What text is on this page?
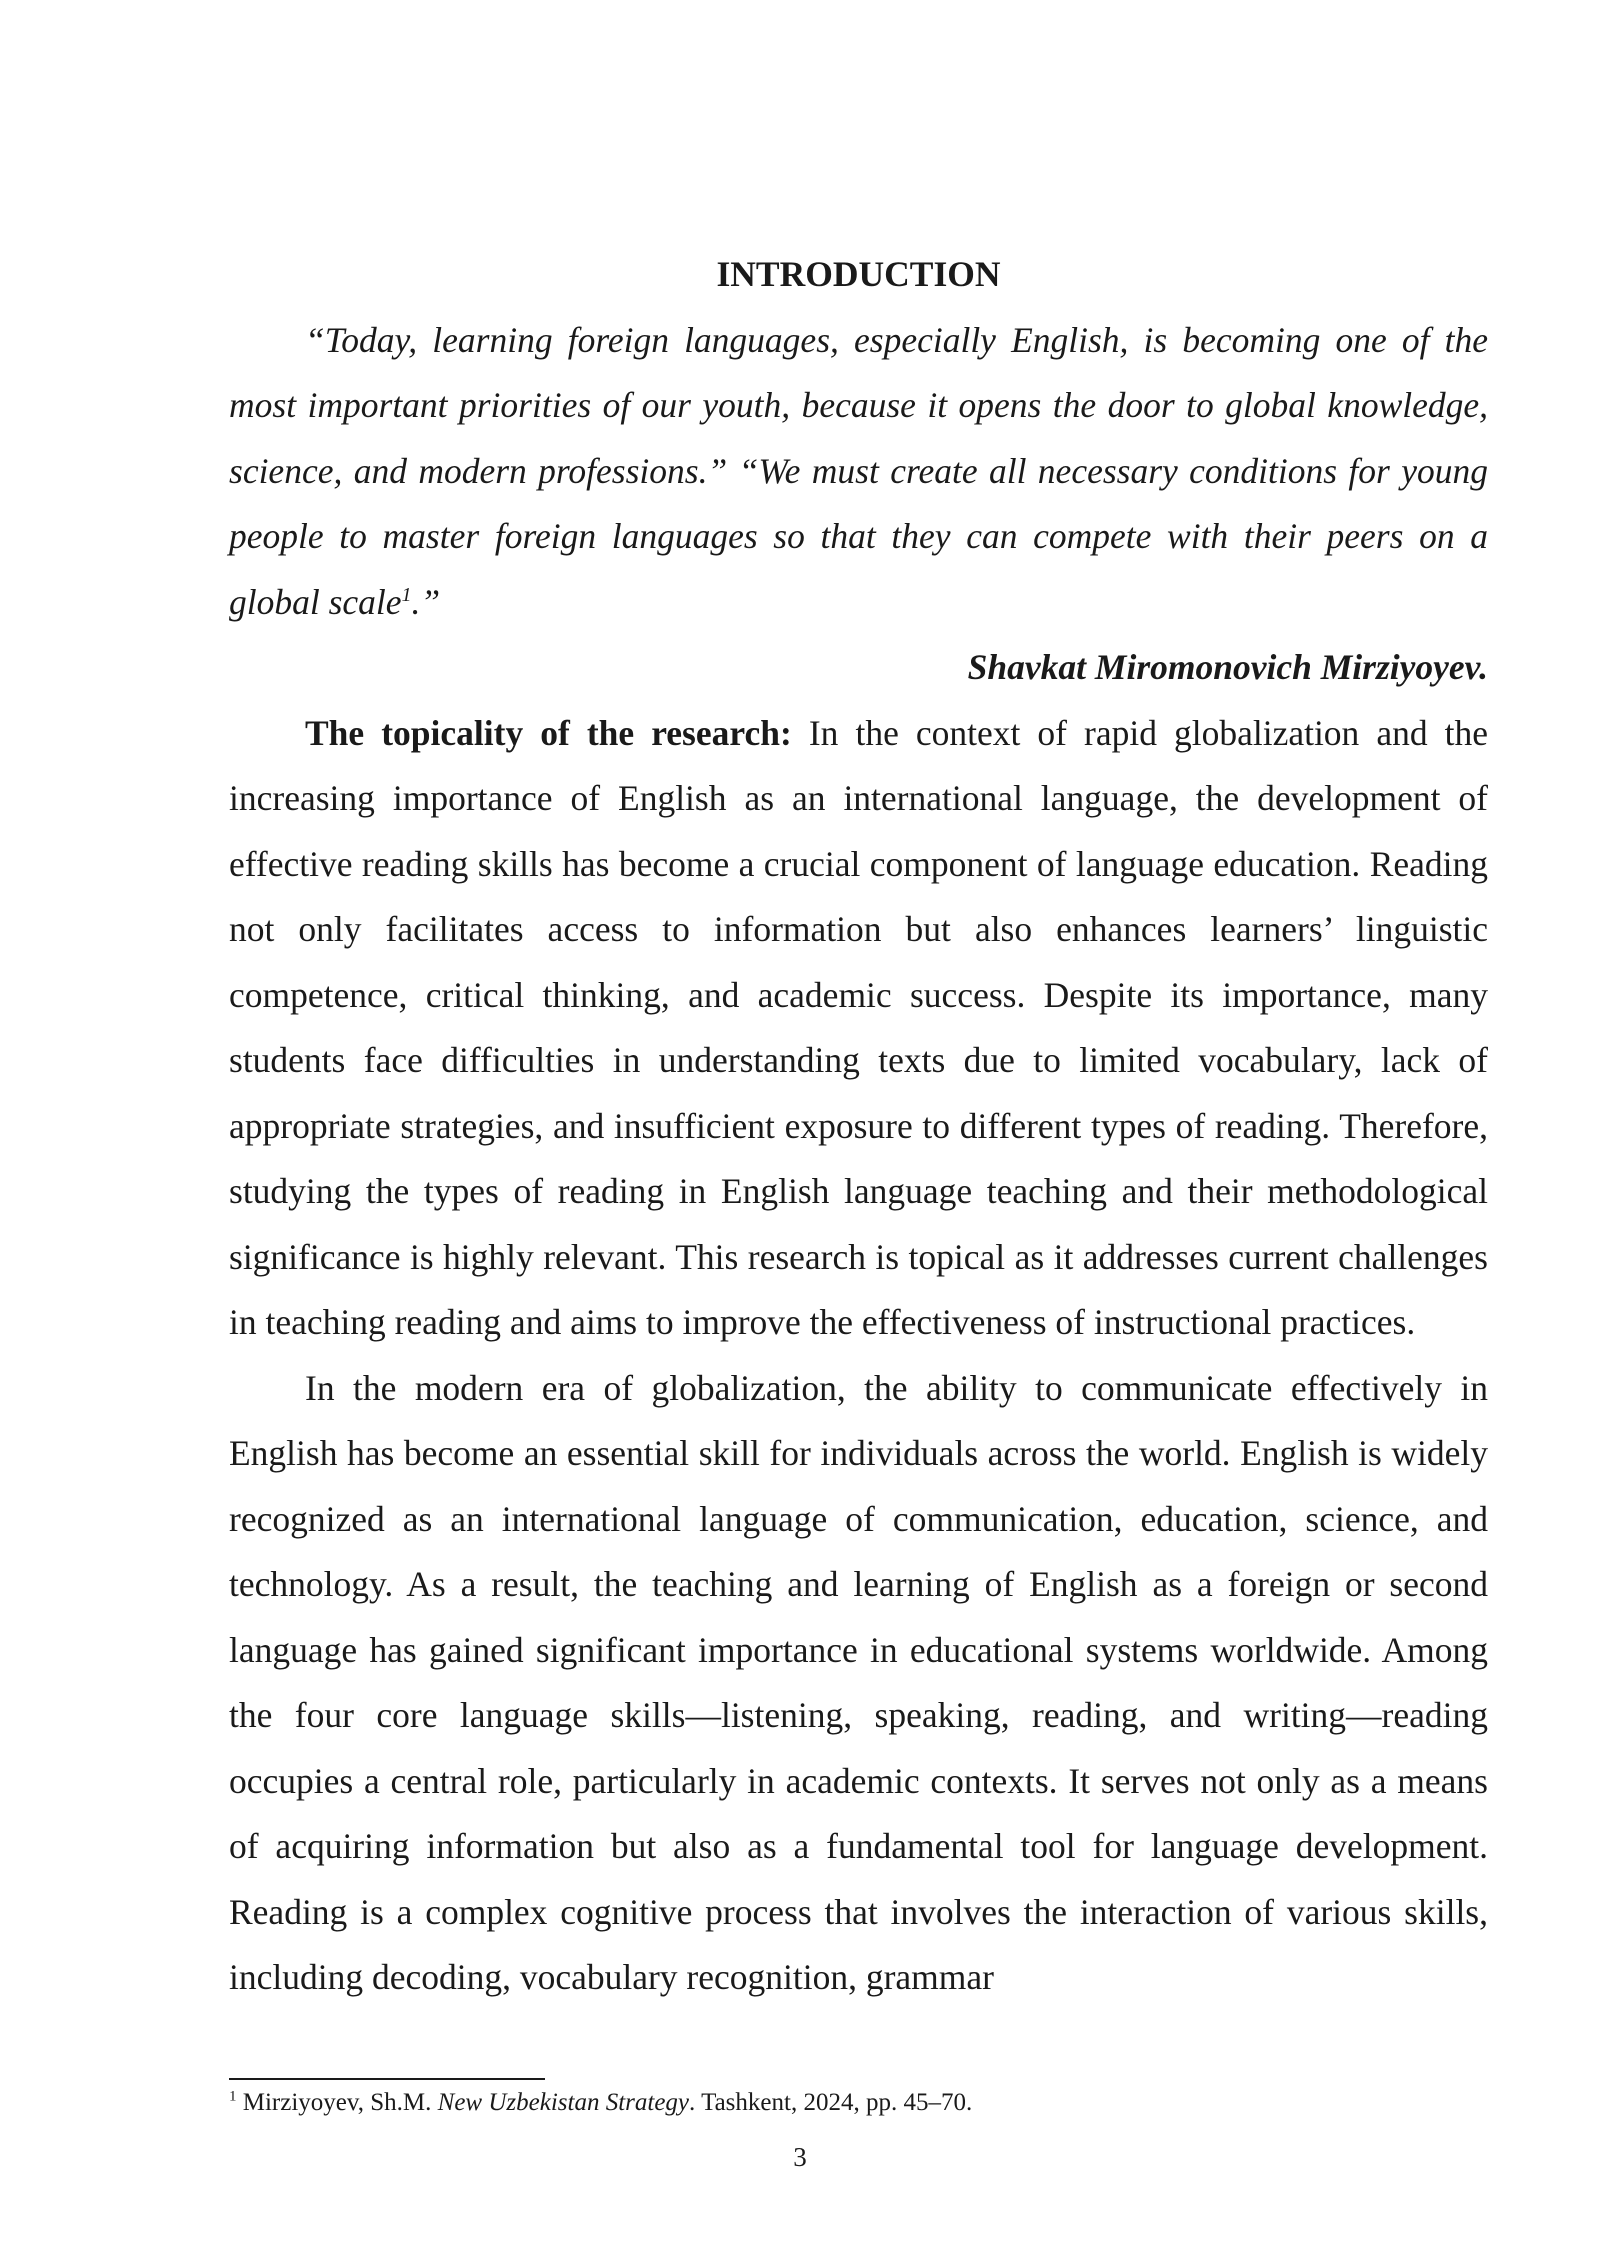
INTRODUCTION

“Today, learning foreign languages, especially English, is becoming one of the most important priorities of our youth, because it opens the door to global knowledge, science, and modern professions.” “We must create all necessary conditions for young people to master foreign languages so that they can compete with their peers on a global scale$^1$.”

Shavkat Miromonovich Mirziyoyev.

The topicality of the research: In the context of rapid globalization and the increasing importance of English as an international language, the development of effective reading skills has become a crucial component of language education. Reading not only facilitates access to information but also enhances learners’ linguistic competence, critical thinking, and academic success. Despite its importance, many students face difficulties in understanding texts due to limited vocabulary, lack of appropriate strategies, and insufficient exposure to different types of reading. Therefore, studying the types of reading in English language teaching and their methodological significance is highly relevant. This research is topical as it addresses current challenges in teaching reading and aims to improve the effectiveness of instructional practices.

In the modern era of globalization, the ability to communicate effectively in English has become an essential skill for individuals across the world. English is widely recognized as an international language of communication, education, science, and technology. As a result, the teaching and learning of English as a foreign or second language has gained significant importance in educational systems worldwide. Among the four core language skills—listening, speaking, reading, and writing—reading occupies a central role, particularly in academic contexts. It serves not only as a means of acquiring information but also as a fundamental tool for language development. Reading is a complex cognitive process that involves the interaction of various skills, including decoding, vocabulary recognition, grammar

$^1$ Mirziyoyev, Sh.M. New Uzbekistan Strategy. Tashkent, 2024, pp. 45–70.
3
